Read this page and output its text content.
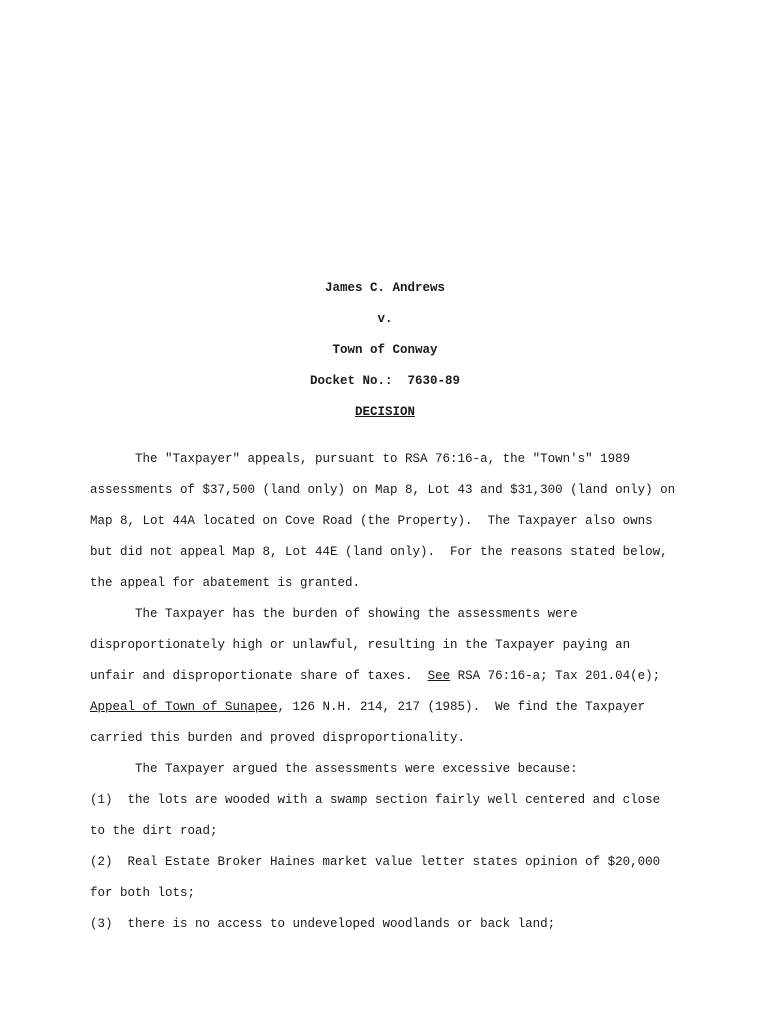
James C. Andrews
v.
Town of Conway
Docket No.:  7630-89
DECISION
The "Taxpayer" appeals, pursuant to RSA 76:16-a, the "Town's" 1989
assessments of $37,500 (land only) on Map 8, Lot 43 and $31,300 (land only) on
Map 8, Lot 44A located on Cove Road (the Property).  The Taxpayer also owns
but did not appeal Map 8, Lot 44E (land only).  For the reasons stated below,
the appeal for abatement is granted.
The Taxpayer has the burden of showing the assessments were
disproportionately high or unlawful, resulting in the Taxpayer paying an
unfair and disproportionate share of taxes.  See RSA 76:16-a; Tax 201.04(e);
Appeal of Town of Sunapee, 126 N.H. 214, 217 (1985).  We find the Taxpayer
carried this burden and proved disproportionality.
The Taxpayer argued the assessments were excessive because:
(1)  the lots are wooded with a swamp section fairly well centered and close
to the dirt road;
(2)  Real Estate Broker Haines market value letter states opinion of $20,000
for both lots;
(3)  there is no access to undeveloped woodlands or back land;
